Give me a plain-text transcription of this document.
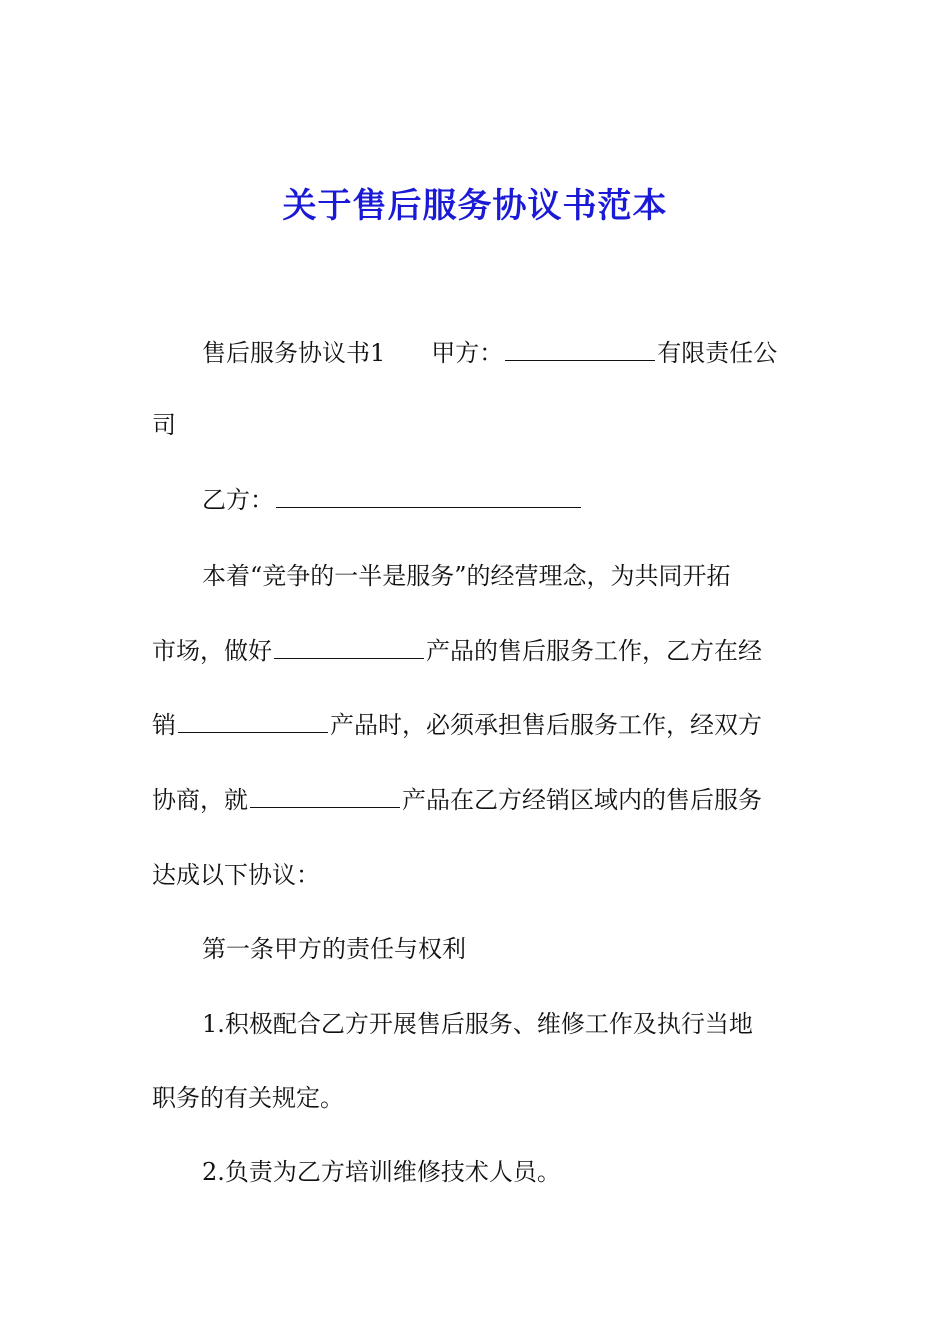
关于售后服务协议书范本
售后服务协议书1 甲方：	有限责任公
司
乙方：
本着“竞争的一半是服务”的经营理念，为共同开拓
市场，做好	产品的售后服务工作，乙方在经
销	产品时，必须承担售后服务工作，经双方
协商，就	产品在乙方经销区域内的售后服务
达成以下协议：
第一条甲方的责任与权利
1.积极配合乙方开展售后服务、维修工作及执行当地
职务的有关规定。
2.负责为乙方培训维修技术人员。
